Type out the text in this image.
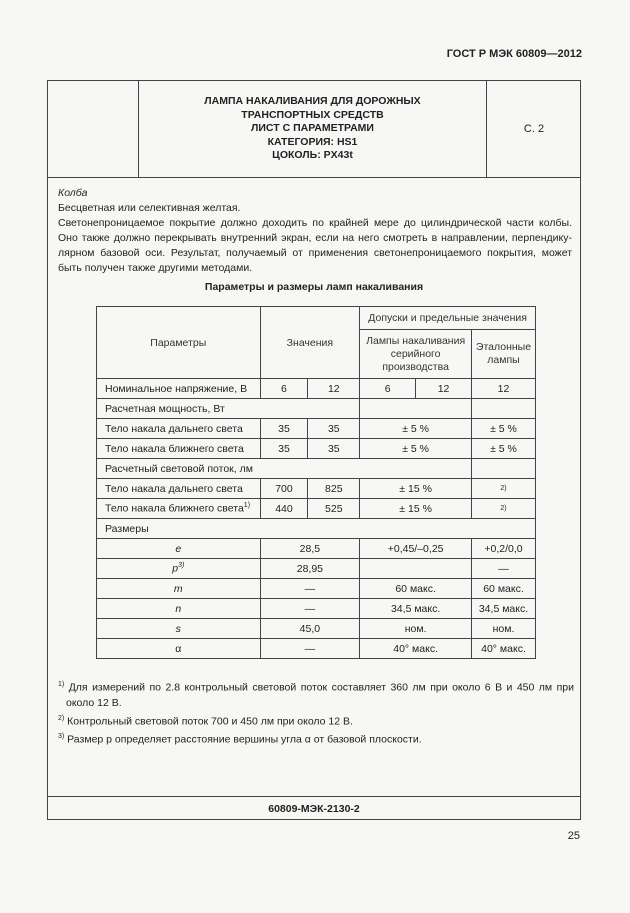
ГОСТ Р МЭК 60809—2012
ЛАМПА НАКАЛИВАНИЯ ДЛЯ ДОРОЖНЫХ
ТРАНСПОРТНЫХ СРЕДСТВ
ЛИСТ С ПАРАМЕТРАМИ
КАТЕГОРИЯ: HS1
ЦОКОЛЬ: PX43t
С. 2
Колба
Бесцветная или селективная желтая.
Светонепроницаемое покрытие должно доходить по крайней мере до цилиндрической части колбы.
Оно также должно перекрывать внутренний экран, если на него смотреть в направлении, перпендику-
лярном базовой оси. Результат, получаемый от применения светонепроницаемого покрытия, может
быть получен также другими методами.
Параметры и размеры ламп накаливания
Параметры	Значения		Допуски и предельные значения		
			Лампы накаливания серийного производства		Эталонные лампы
Номинальное напряжение, В	6	12	6	12	12
Расчетная мощность, Вт					
Тело накала дальнего света	35	35	± 5 %		± 5 %
Тело накала ближнего света	35	35	± 5 %		± 5 %
Расчетный световой поток, лм					
Тело накала дальнего света	700	825	± 15 %		2)
Тело накала ближнего света$^{1)}$	440	525	± 15 %		2)
Размеры					
e	28,5		+0,45/–0,25		+0,2/0,0
$p^{3)}$	28,95				—
m	—		60 макс.		60 макс.
n	—		34,5 макс.		34,5 макс.
s	45,0		ном.		ном.
α	—		40° макс.		40° макс.
$^{1)}$ Для измерений по 2.8 контрольный световой поток составляет 360 лм при около 6 В и 450 лм при
около 12 В.
$^{2)}$ Контрольный световой поток 700 и 450 лм при около 12 В.
$^{3)}$ Размер p определяет расстояние вершины угла α от базовой плоскости.
60809-МЭК-2130-2
25
